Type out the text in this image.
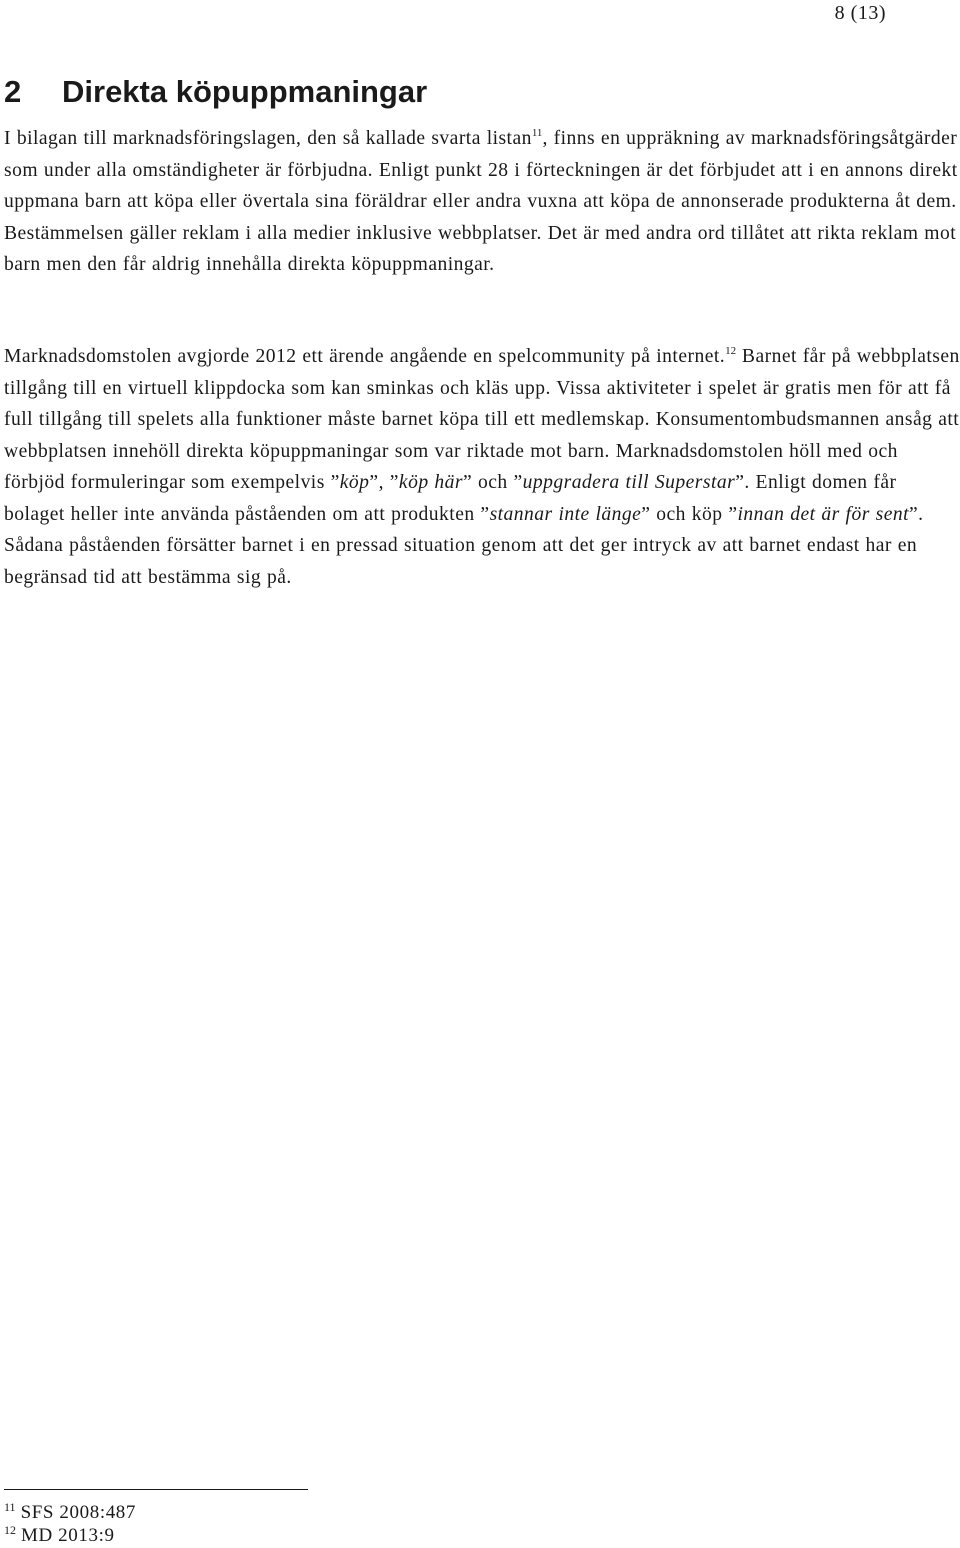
8 (13)
2 Direkta köpuppmaningar

I bilagan till marknadsföringslagen, den så kallade svarta listan$^{11}$, finns en uppräkning av marknadsföringsåtgärder som under alla omständigheter är förbjudna. Enligt punkt 28 i förteckningen är det förbjudet att i en annons direkt uppmana barn att köpa eller övertala sina föräldrar eller andra vuxna att köpa de annonserade produkterna åt dem. Bestämmelsen gäller reklam i alla medier inklusive webbplatser. Det är med andra ord tillåtet att rikta reklam mot barn men den får aldrig innehålla direkta köpuppmaningar.

Marknadsdomstolen avgjorde 2012 ett ärende angående en spelcommunity på internet.$^{12}$ Barnet får på webbplatsen tillgång till en virtuell klippdocka som kan sminkas och kläs upp. Vissa aktiviteter i spelet är gratis men för att få full tillgång till spelets alla funktioner måste barnet köpa till ett medlemskap. Konsumentombudsmannen ansåg att webbplatsen innehöll direkta köpuppmaningar som var riktade mot barn. Marknadsdomstolen höll med och förbjöd formuleringar som exempelvis ”köp”, ”köp här” och ”uppgradera till Superstar”. Enligt domen får bolaget heller inte använda påståenden om att produkten ”stannar inte länge” och köp ”innan det är för sent”. Sådana påståenden försätter barnet i en pressad situation genom att det ger intryck av att barnet endast har en begränsad tid att bestämma sig på.

$^{11}$ SFS 2008:487
$^{12}$ MD 2013:9
